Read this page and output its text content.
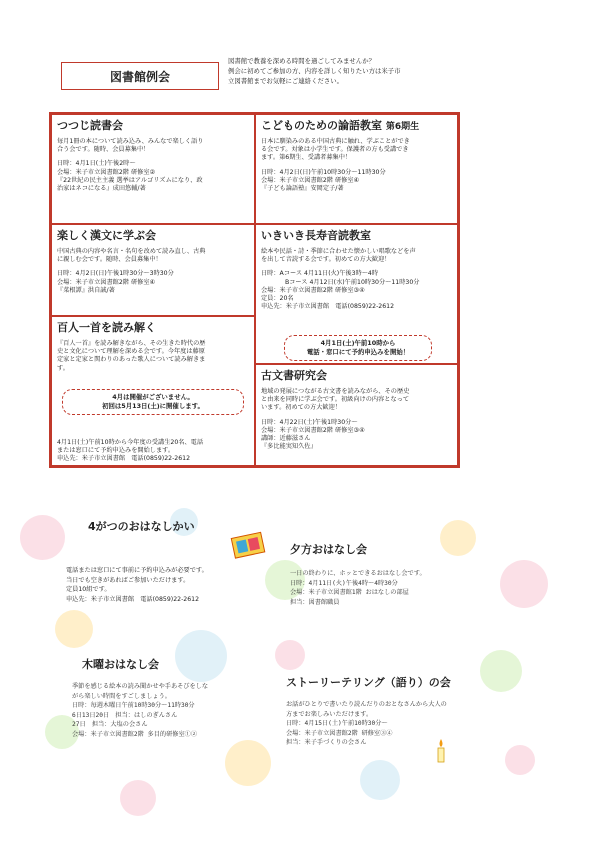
図書館例会
図書館で教養を深める時間を過ごしてみませんか？
例会に初めてご参加の方、内容を詳しく知りたい方は米子市
立図書館までお気軽にご連絡ください。
つつじ読書会

毎月1冊の本について読み込み、みんなで楽しく語り

合う会です。随時、会員募集中！

日時：4月1日(土)午後2時～

会場：米子市立図書館2階 研修室②

『22世紀の民主主義 選挙はアルゴリズムになり、政

治家はネコになる』成田悠輔/著

こどものための論語教室 第6期生

日本に馴染みのある中国古典に触れ、学ぶことができ

る会です。対象は小学生です。保護者の方も受講でき

ます。第6期生、受講者募集中！

日時：4月2日(日)午前10時30分～11時30分

会場：米子市立図書館2階 研修室④

『子ども論語塾』安岡定子/著

楽しく漢文に学ぶ会

中国古典の内容や名言・名句を改めて読み直し、古典

に親しむ会です。随時、会員募集中！

日時：4月2日(日)午後1時30分～3時30分

会場：米子市立図書館2階 研修室④

『菜根譚』洪自誠/著

いきいき長寿音読教室

絵本や民話・詩・季節に合わせた懐かしい唱歌などを声

を出して音読する会です。初めての方大歓迎！

日時：Aコース 4月11日(火)午後3時～4時

Bコース 4月12日(水)午前10時30分～11時30分

会場：米子市立図書館2階 研修室③④

定員：20名

申込先：米子市立図書館　電話(0859)22-2612

4月1日(土)午前10時から
電話・窓口にて予約申込みを開始！
百人一首を読み解く

『百人一首』を読み解きながら、その生きた時代の歴

史と文化について理解を深める会です。今年度は藤原

定家と定家と関わりのあった歌人について読み解きま

す。

4月は開催がございません。
初回は5月13日(土)に開催します。

4月1日(土)午前10時から今年度の受講生20名、電話

または窓口にて予約申込みを開始します。

申込先：米子市立図書館　電話(0859)22-2612

古文書研究会

地域の発展につながる古文書を読みながら、その歴史

と由来を同時に学ぶ会です。初級向けの内容となって

います。初めての方大歓迎！

日時：4月22日(土)午後1時30分～

会場：米子市立図書館2階 研修室③④

講師：近藤滋さん

『多比能実知久佐』

4がつのおはなしかい

電話または窓口にて事前に予約申込みが必要です。

当日でも空きがあればご参加いただけます。

定員10組です。

申込先：米子市立図書館　電話(0859)22-2612

夕方おはなし会

一日の終わりに、ホッとできるおはなし会です。

日時：4月11日(火)午後4時～4時30分

会場：米子市立図書館1階 おはなしの部屋

担当：図書館職員

木曜おはなし会

季節を感じる絵本の読み聞かせや手あそびをしな

がら楽しい時間をすごしましょう。

日時：毎週木曜日午前10時30分～11時30分

6日13日20日　担当：はしのぎんさん

27日　担当：大塩の会さん

会場：米子市立図書館2階 多目的研修室①②

ストーリーテリング（語り）の会

お話がひとりで書いたり読んだりのおとなさんから大人の

方までお楽しみいただけます。

日時：4月15日(土)午前10時30分～

会場：米子市立図書館2階 研修室③④

担当：米子手づくりの会さん
